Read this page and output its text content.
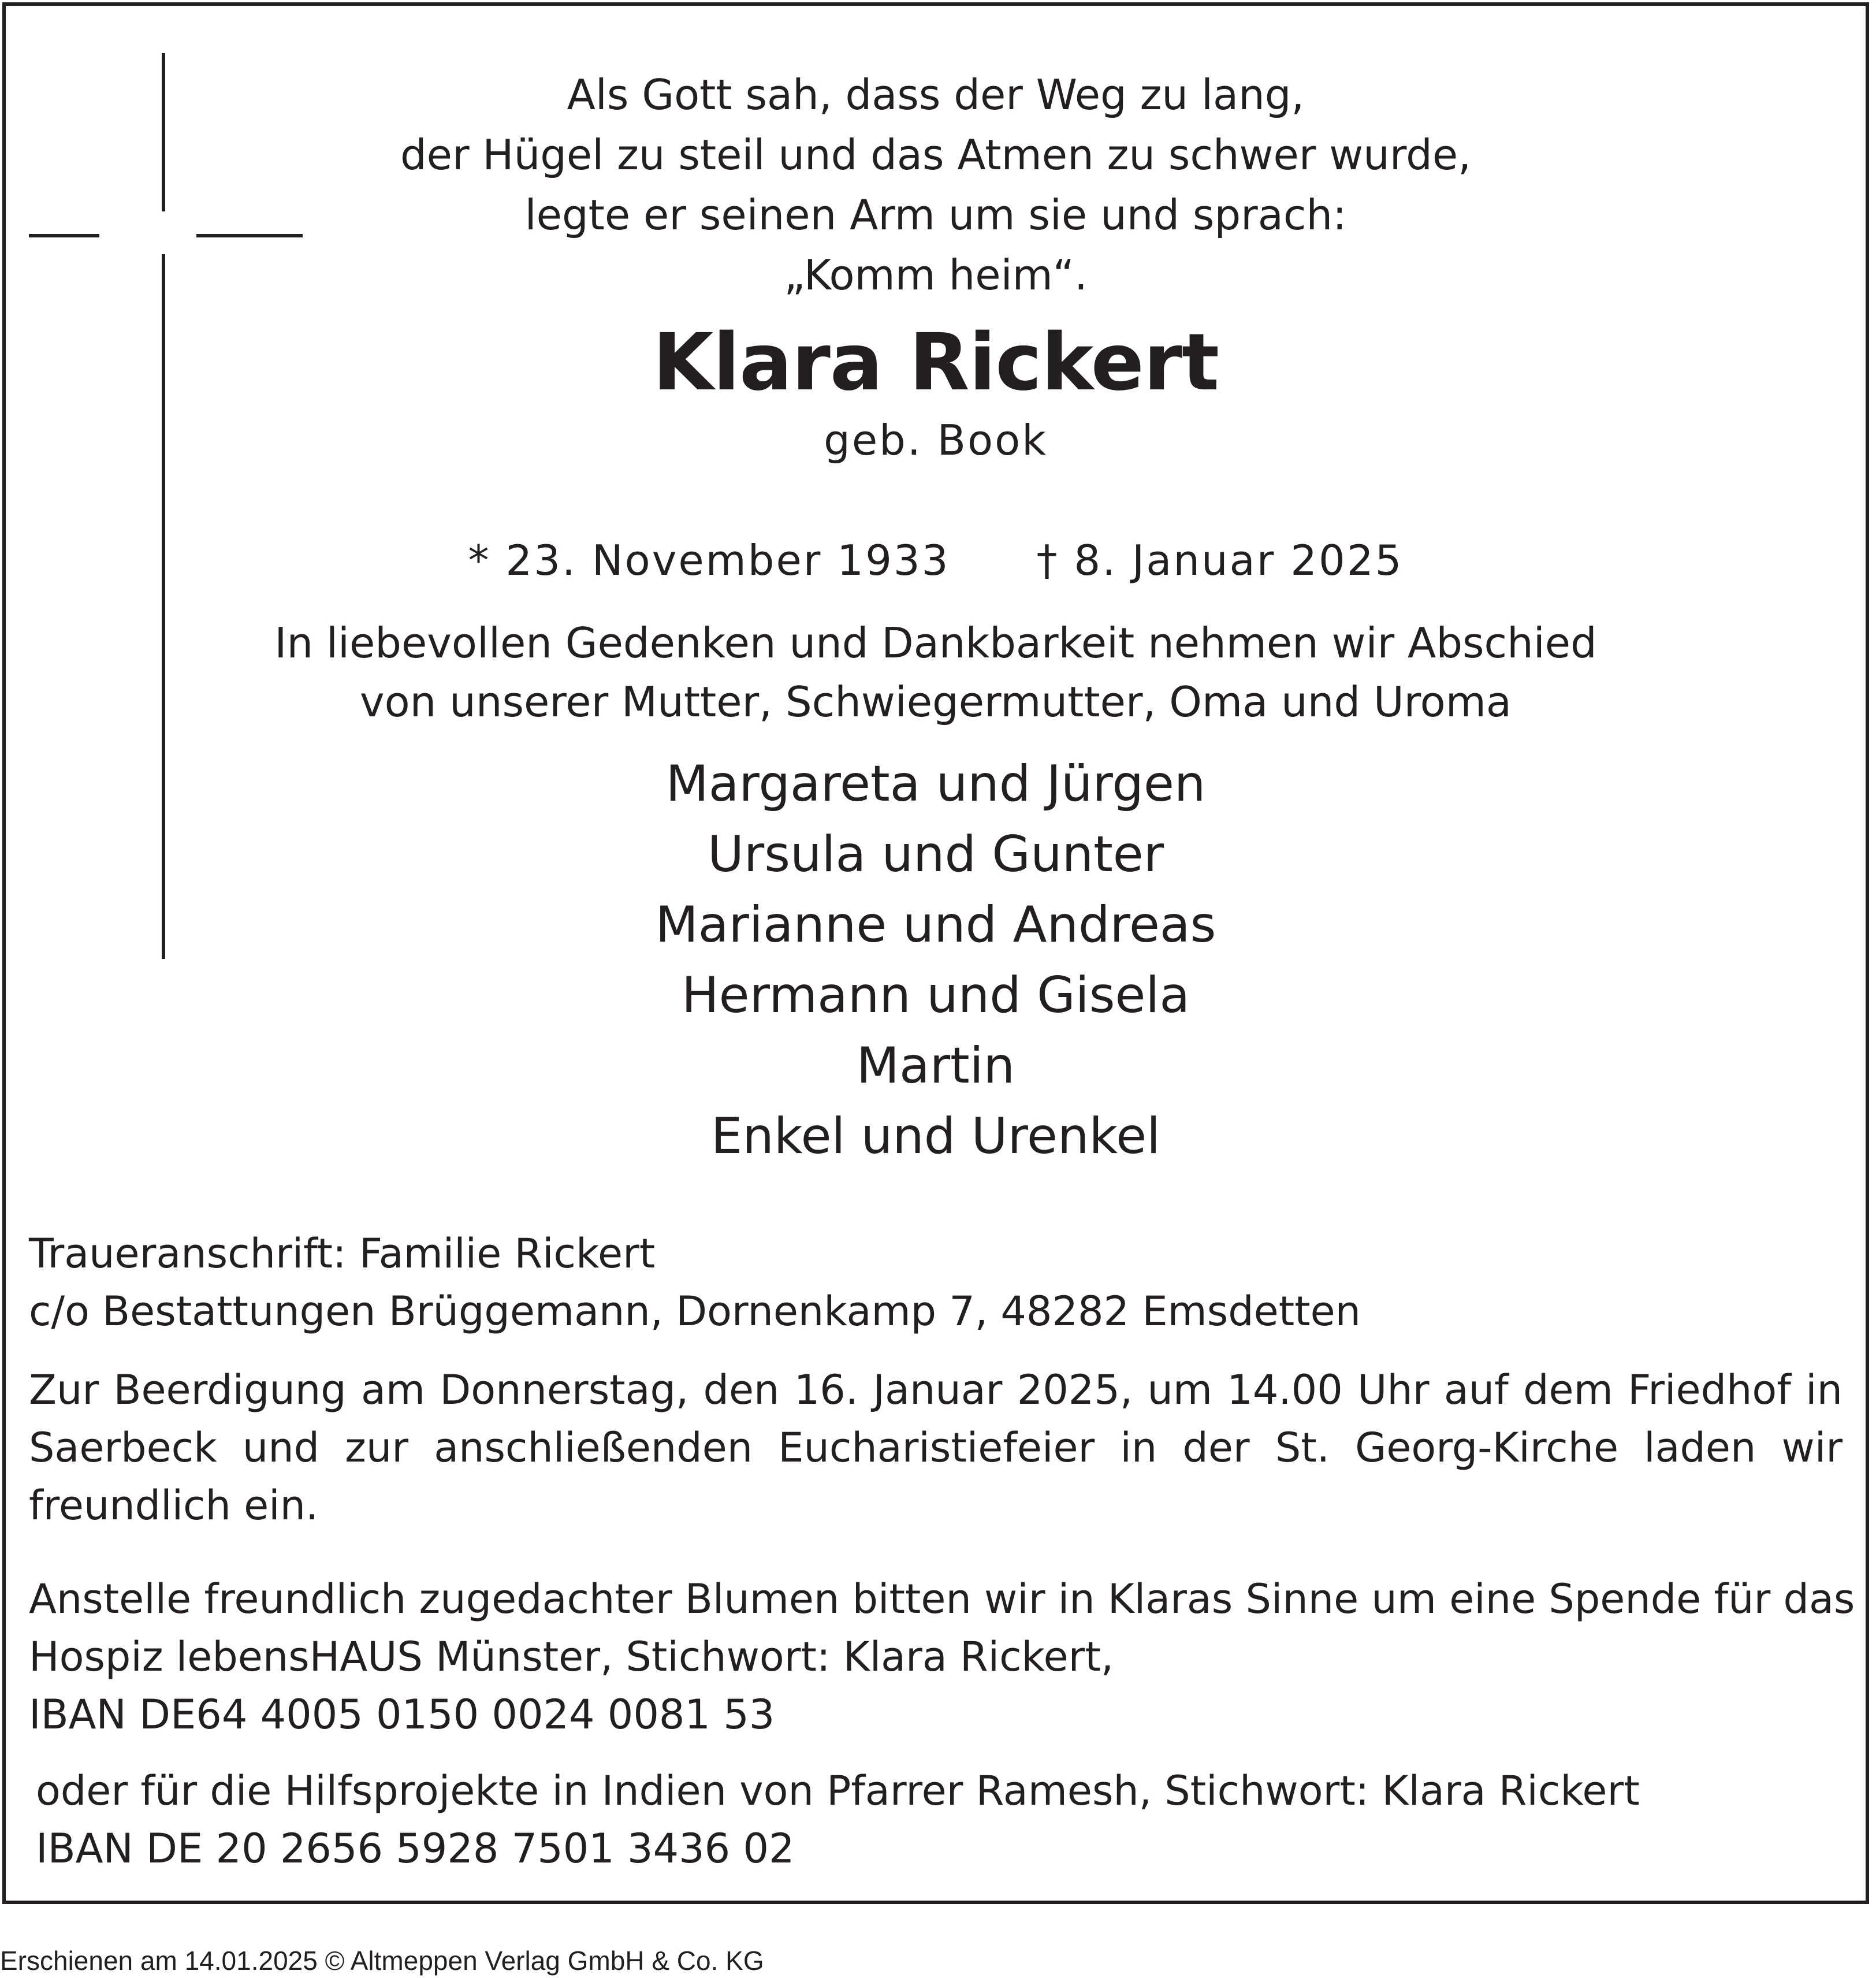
Als Gott sah, dass der Weg zu lang,
der Hügel zu steil und das Atmen zu schwer wurde,
legte er seinen Arm um sie und sprach:
„Komm heim“.
Klara Rickert
geb. Book
* 23. November 1933 † 8. Januar 2025
In liebevollen Gedenken und Dankbarkeit nehmen wir Abschied
von unserer Mutter, Schwiegermutter, Oma und Uroma
Margareta und Jürgen
Ursula und Gunter
Marianne und Andreas
Hermann und Gisela
Martin
Enkel und Urenkel
Traueranschrift: Familie Rickert
c/o Bestattungen Brüggemann, Dornenkamp 7, 48282 Emsdetten
Zur Beerdigung am Donnerstag, den 16. Januar 2025, um 14.00 Uhr auf dem Friedhof in Saerbeck und zur anschließenden Eucharistiefeier in der St. Georg-Kirche laden wir freundlich ein.
Anstelle freundlich zugedachter Blumen bitten wir in Klaras Sinne um eine Spende für das
Hospiz lebensHAUS Münster, Stichwort: Klara Rickert,
IBAN DE64 4005 0150 0024 0081 53
oder für die Hilfsprojekte in Indien von Pfarrer Ramesh, Stichwort: Klara Rickert
IBAN DE 20 2656 5928 7501 3436 02
Erschienen am 14.01.2025 © Altmeppen Verlag GmbH & Co. KG
